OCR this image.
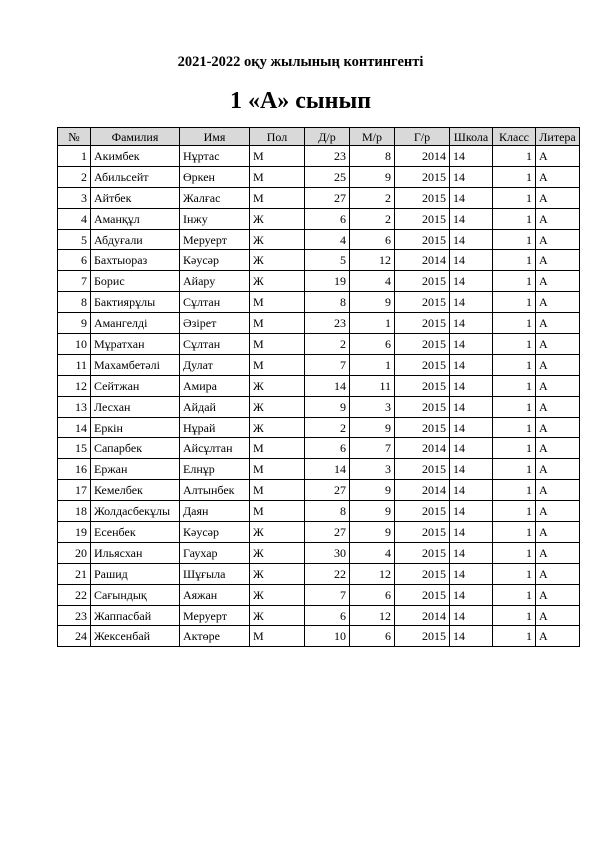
2021-2022 оқу жылының контингенті
1 «А» сынып
№	Фамилия	Имя	Пол	Д/р	М/р	Г/р	Школа	Класс	Литера
1	Акимбек	Нұртас	М	23	8	2014	14	1	А
2	Абильсейт	Өркен	М	25	9	2015	14	1	А
3	Айтбек	Жалғас	М	27	2	2015	14	1	А
4	Аманқұл	Інжу	Ж	6	2	2015	14	1	А
5	Абдуғали	Меруерт	Ж	4	6	2015	14	1	А
6	Бахтыораз	Кәусәр	Ж	5	12	2014	14	1	А
7	Борис	Айару	Ж	19	4	2015	14	1	А
8	Бактиярұлы	Сұлтан	М	8	9	2015	14	1	А
9	Амангелді	Әзірет	М	23	1	2015	14	1	А
10	Мұратхан	Сұлтан	М	2	6	2015	14	1	А
11	Махамбетәлі	Дулат	М	7	1	2015	14	1	А
12	Сейтжан	Амира	Ж	14	11	2015	14	1	А
13	Лесхан	Айдай	Ж	9	3	2015	14	1	А
14	Еркін	Нұрай	Ж	2	9	2015	14	1	А
15	Сапарбек	Айсұлтан	М	6	7	2014	14	1	А
16	Ержан	Елнұр	М	14	3	2015	14	1	А
17	Кемелбек	Алтынбек	М	27	9	2014	14	1	А
18	Жолдасбекұлы	Даян	М	8	9	2015	14	1	А
19	Есенбек	Кәусәр	Ж	27	9	2015	14	1	А
20	Ильясхан	Гаухар	Ж	30	4	2015	14	1	А
21	Рашид	Шұғыла	Ж	22	12	2015	14	1	А
22	Сағындық	Аяжан	Ж	7	6	2015	14	1	А
23	Жаппасбай	Меруерт	Ж	6	12	2014	14	1	А
24	Жексенбай	Актөре	М	10	6	2015	14	1	А
